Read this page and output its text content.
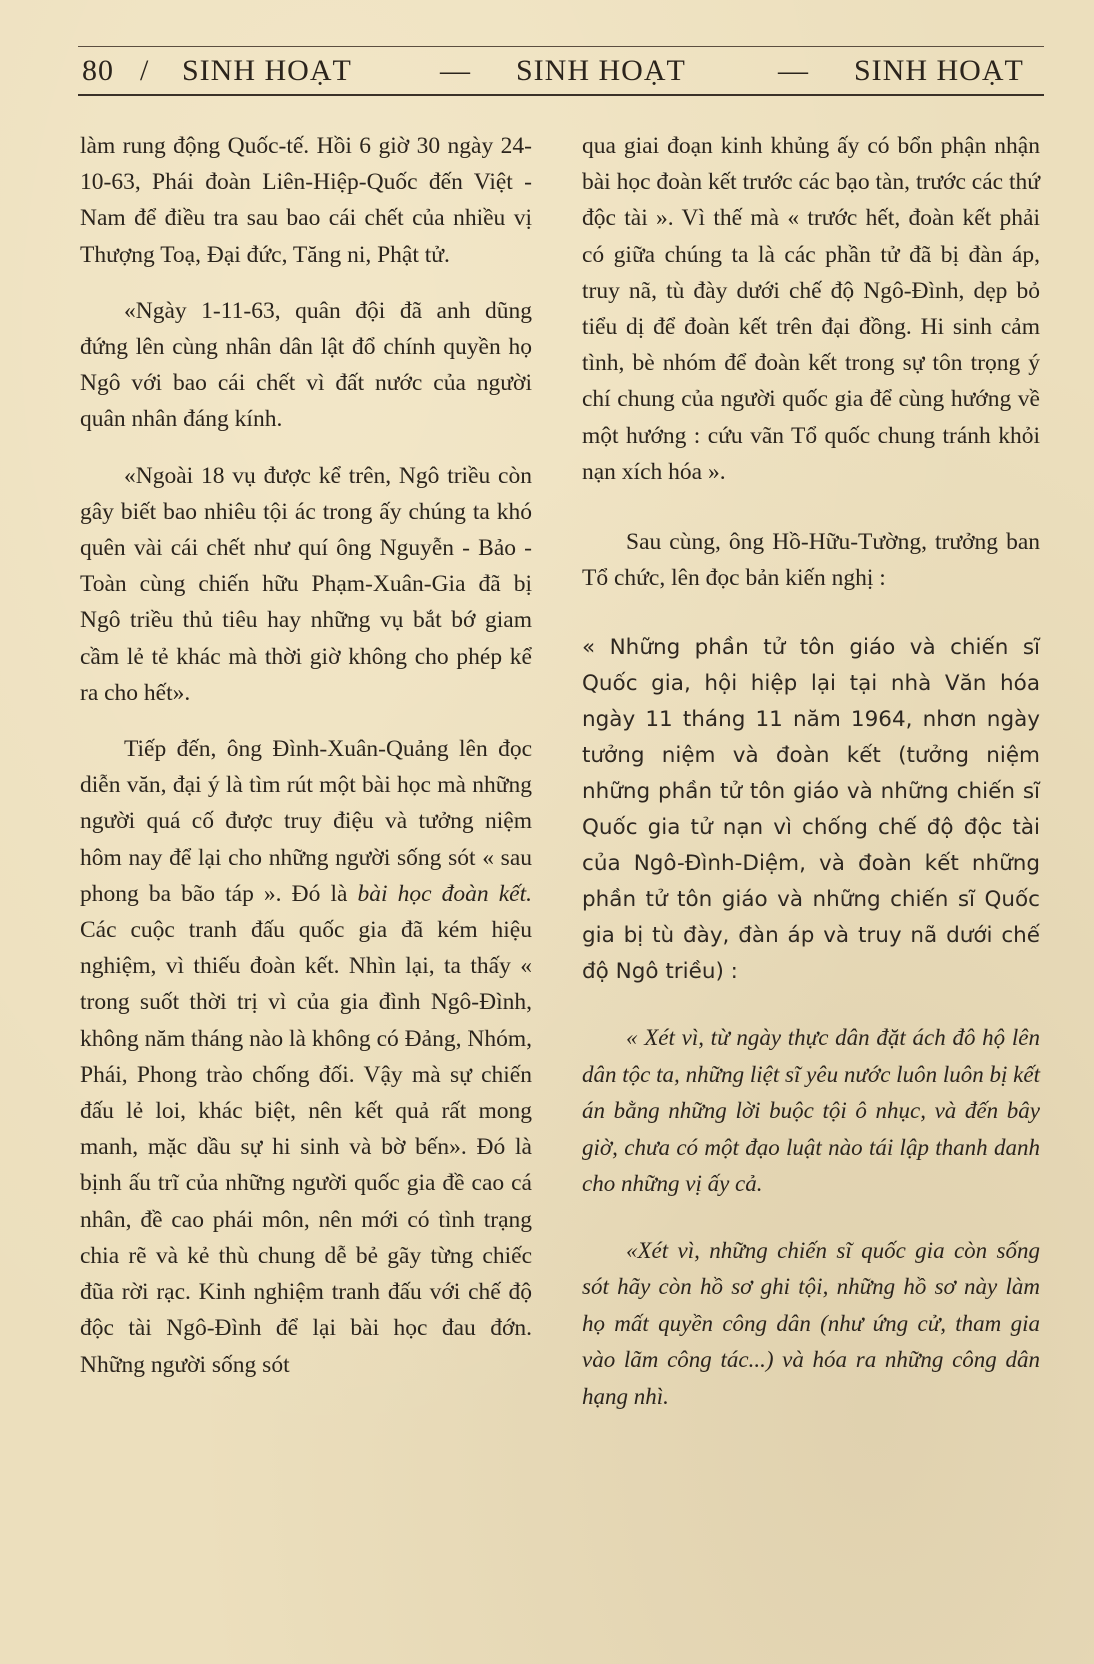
80 / SINH HOẠT	— SINH HOẠT	— SINH HOẠT

làm rung động Quốc-tế. Hồi 6 giờ 30 ngày 24-10-63, Phái đoàn Liên-Hiệp-Quốc đến Việt - Nam để điều tra sau bao cái chết của nhiều vị Thượng Toạ, Đại đức, Tăng ni, Phật tử.

«Ngày 1-11-63, quân đội đã anh dũng đứng lên cùng nhân dân lật đổ chính quyền họ Ngô với bao cái chết vì đất nước của người quân nhân đáng kính.

«Ngoài 18 vụ được kể trên, Ngô triều còn gây biết bao nhiêu tội ác trong ấy chúng ta khó quên vài cái chết như quí ông Nguyễn - Bảo - Toàn cùng chiến hữu Phạm-Xuân-Gia đã bị Ngô triều thủ tiêu hay những vụ bắt bớ giam cầm lẻ tẻ khác mà thời giờ không cho phép kể ra cho hết».

Tiếp đến, ông Đình-Xuân-Quảng lên đọc diễn văn, đại ý là tìm rút một bài học mà những người quá cố được truy điệu và tưởng niệm hôm nay để lại cho những người sống sót « sau phong ba bão táp ». Đó là bài học đoàn kết. Các cuộc tranh đấu quốc gia đã kém hiệu nghiệm, vì thiếu đoàn kết. Nhìn lại, ta thấy « trong suốt thời trị vì của gia đình Ngô-Đình, không năm tháng nào là không có Đảng, Nhóm, Phái, Phong trào chống đối. Vậy mà sự chiến đấu lẻ loi, khác biệt, nên kết quả rất mong manh, mặc dầu sự hi sinh và bờ bến». Đó là bịnh ấu trĩ của những người quốc gia đề cao cá nhân, đề cao phái môn, nên mới có tình trạng chia rẽ và kẻ thù chung dễ bẻ gãy từng chiếc đũa rời rạc. Kinh nghiệm tranh đấu với chế độ độc tài Ngô-Đình để lại bài học đau đớn. Những người sống sót

qua giai đoạn kinh khủng ấy có bổn phận nhận bài học đoàn kết trước các bạo tàn, trước các thứ độc tài ». Vì thế mà « trước hết, đoàn kết phải có giữa chúng ta là các phần tử đã bị đàn áp, truy nã, tù đày dưới chế độ Ngô-Đình, dẹp bỏ tiểu dị để đoàn kết trên đại đồng. Hi sinh cảm tình, bè nhóm để đoàn kết trong sự tôn trọng ý chí chung của người quốc gia để cùng hướng về một hướng : cứu vãn Tổ quốc chung tránh khỏi nạn xích hóa ».

Sau cùng, ông Hồ-Hữu-Tường, trưởng ban Tổ chức, lên đọc bản kiến nghị :

« Những phần tử tôn giáo và chiến sĩ Quốc gia, hội hiệp lại tại nhà Văn hóa ngày 11 tháng 11 năm 1964, nhơn ngày tưởng niệm và đoàn kết (tưởng niệm những phần tử tôn giáo và những chiến sĩ Quốc gia tử nạn vì chống chế độ độc tài của Ngô-Đình-Diệm, và đoàn kết những phần tử tôn giáo và những chiến sĩ Quốc gia bị tù đày, đàn áp và truy nã dưới chế độ Ngô triều) :

« Xét vì, từ ngày thực dân đặt ách đô hộ lên dân tộc ta, những liệt sĩ yêu nước luôn luôn bị kết án bằng những lời buộc tội ô nhục, và đến bây giờ, chưa có một đạo luật nào tái lập thanh danh cho những vị ấy cả.

«Xét vì, những chiến sĩ quốc gia còn sống sót hãy còn hồ sơ ghi tội, những hồ sơ này làm họ mất quyền công dân (như ứng cử, tham gia vào lãm công tác...) và hóa ra những công dân hạng nhì.
